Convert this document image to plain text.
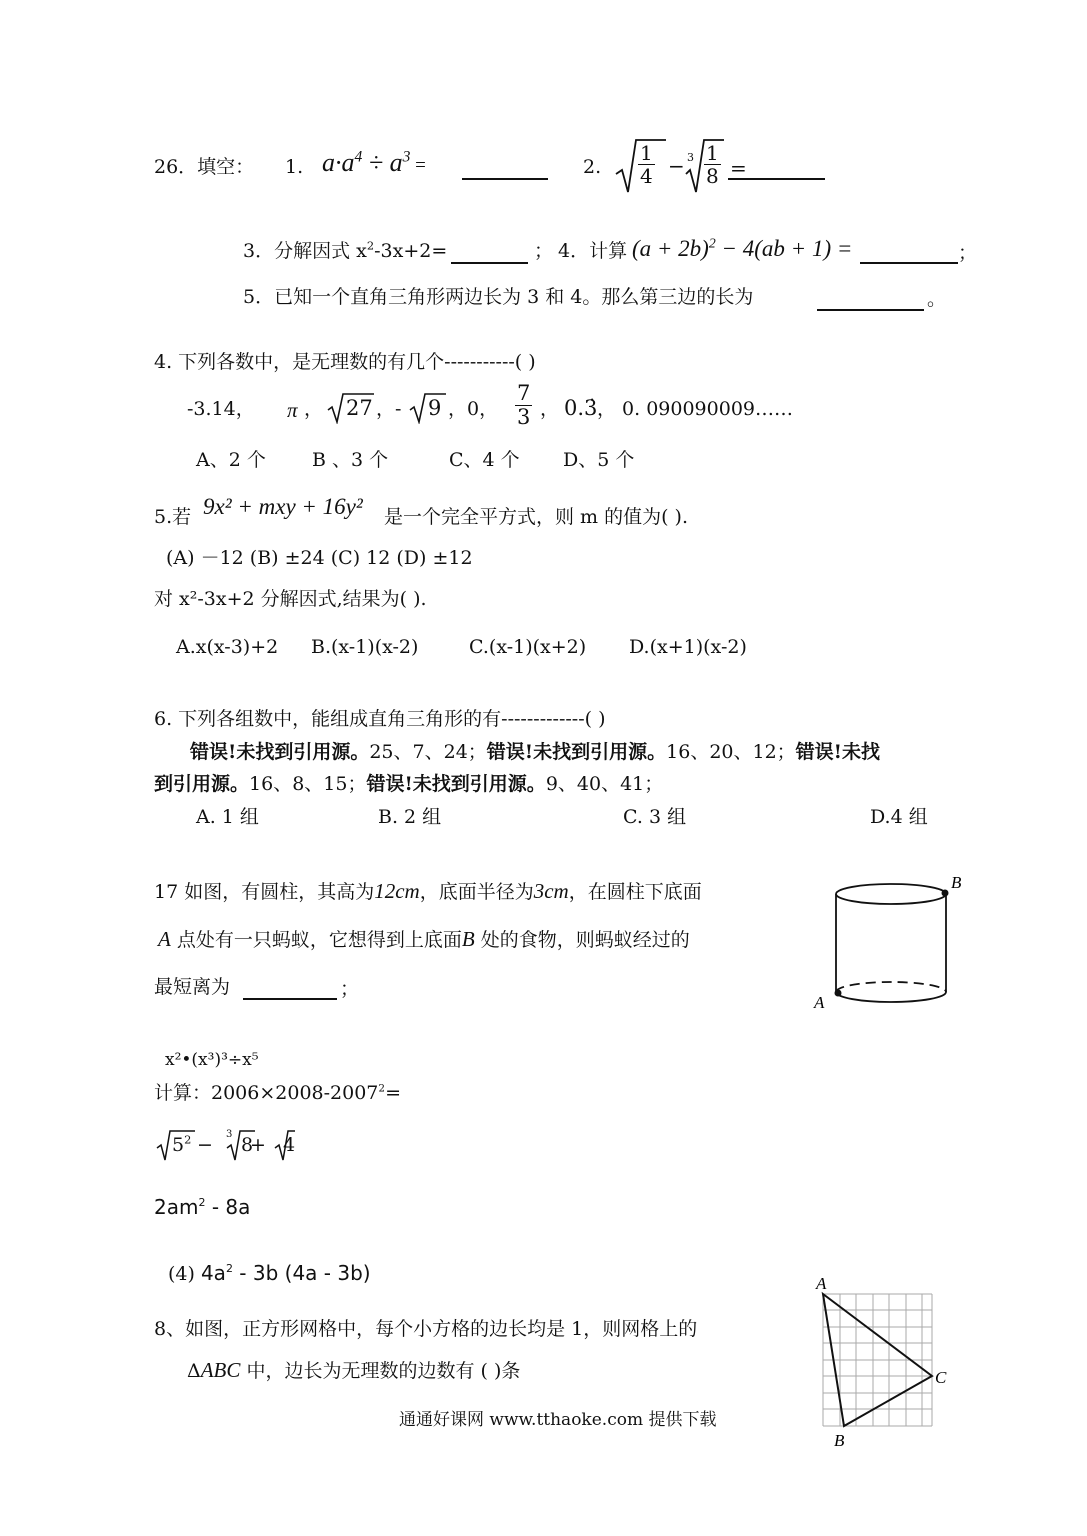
26．填空： 1. $a\cdot a^4 \div a^3$ =	2. $\frac{1}{4} - 3 \frac{1}{8}$ =
3．分解因式 $x^2-3x+2=$	； 4．计算 $(a + 2b)^2 - 4(ab + 1)$ =	；
5．已知一个直角三角形两边长为 3 和 4。那么第三边的长为	。
4. 下列各数中，是无理数的有几个-----------( )
-3.14， π ， 27 ，- 9 ，0， $\frac{7}{3}$ ， 0.3̇ ， 0. 090090009……
A、2 个 B 、3 个	C、4 个 D、5 个
5.若 9x² + mxy + 16y² 是一个完全平方式，则 m 的值为( ).
(A) －12 (B) ±24 (C) 12 (D) ±12
对 x²-3x+2 分解因式,结果为( ).
A.x(x-3)+2 B.(x-1)(x-2)	C.(x-1)(x+2) D.(x+1)(x-2)
6. 下列各组数中，能组成直角三角形的有-------------( )
错误!未找到引用源。25、7、24；错误!未找到引用源。16、20、12；错误!未找
到引用源。16、8、15；错误!未找到引用源。9、40、41；
A. 1 组	B. 2 组	C. 3 组	D.4 组
17 如图，有圆柱，其高为12cm，底面半径为3cm，在圆柱下底面
A 点处有一只蚂蚁，它想得到上底面B 处的食物，则蚂蚁经过的
最短离为	；
B
A
x²•(x³)³÷x⁵
计算：$2006\times 2008-2007^2=$
$5^2 - 3$ 8
+ 4
$2am^2 - 8a$
(4) $4a^2 - 3b$ (4a - 3b)
8、如图，正方形网格中，每个小方格的边长均是 1，则网格上的
ΔABC 中，边长为无理数的边数有 ( )条
A
C
B
通通好课网 www.tthaoke.com 提供下载
